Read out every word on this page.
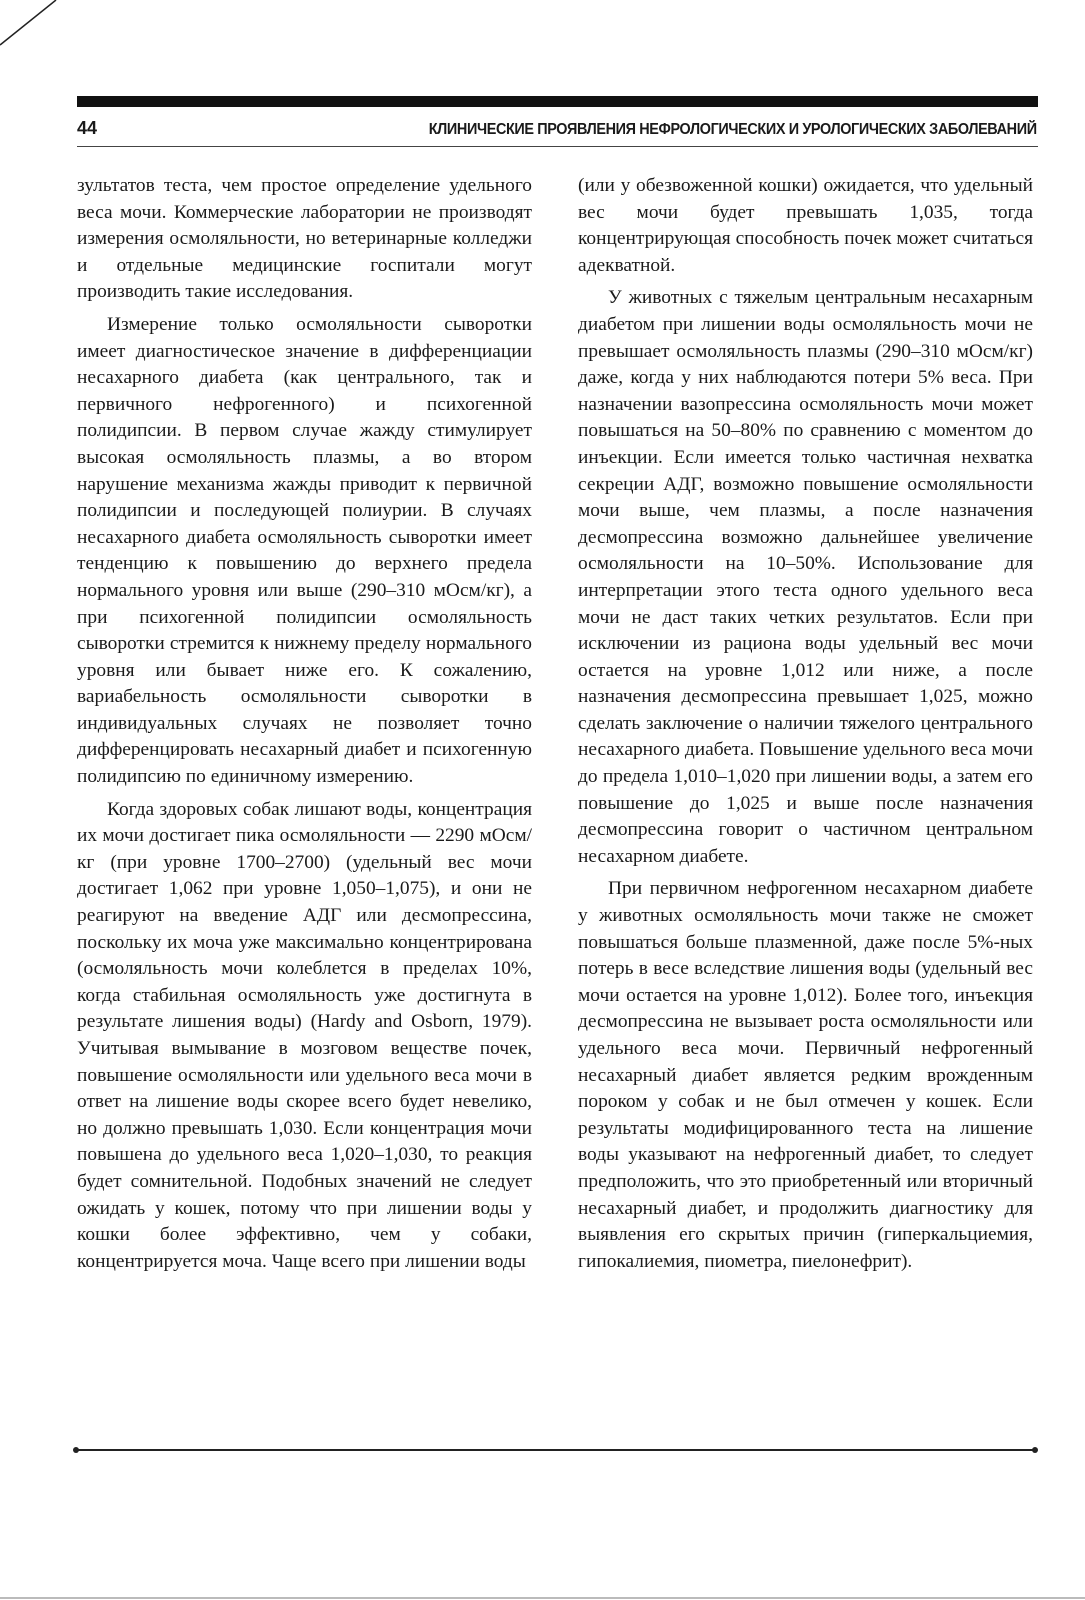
44	КЛИНИЧЕСКИЕ ПРОЯВЛЕНИЯ НЕФРОЛОГИЧЕСКИХ И УРОЛОГИЧЕСКИХ ЗАБОЛЕВАНИЙ

зультатов теста, чем простое определение удельного веса мочи. Коммерческие лаборатории не производят измерения осмоляльности, но ветеринарные колледжи и отдельные медицинские госпитали могут производить такие исследования.

Измерение только осмоляльности сыворотки имеет диагностическое значение в дифференциации несахарного диабета (как центрального, так и первичного нефрогенного) и психогенной полидипсии. В первом случае жажду стимулирует высокая осмоляльность плазмы, а во втором нарушение механизма жажды приводит к первичной полидипсии и последующей полиурии. В случаях несахарного диабета осмоляльность сыворотки имеет тенденцию к повышению до верхнего предела нормального уровня или выше (290–310 мОсм/кг), а при психогенной полидипсии осмоляльность сыворотки стремится к нижнему пределу нормального уровня или бывает ниже его. К сожалению, вариабельность осмоляльности сыворотки в индивидуальных случаях не позволяет точно дифференцировать несахарный диабет и психогенную полидипсию по единичному измерению.

Когда здоровых собак лишают воды, концентрация их мочи достигает пика осмоляльности — 2290 мОсм/кг (при уровне 1700–2700) (удельный вес мочи достигает 1,062 при уровне 1,050–1,075), и они не реагируют на введение АДГ или десмопрессина, поскольку их моча уже максимально концентрирована (осмоляльность мочи колеблется в пределах 10%, когда стабильная осмоляльность уже достигнута в результате лишения воды) (Hardy and Osborn, 1979). Учитывая вымывание в мозговом веществе почек, повышение осмоляльности или удельного веса мочи в ответ на лишение воды скорее всего будет невелико, но должно превышать 1,030. Если концентрация мочи повышена до удельного веса 1,020–1,030, то реакция будет сомнительной. Подобных значений не следует ожидать у кошек, потому что при лишении воды у кошки более эффективно, чем у собаки, концентрируется моча. Чаще всего при лишении воды

(или у обезвоженной кошки) ожидается, что удельный вес мочи будет превышать 1,035, тогда концентрирующая способность почек может считаться адекватной.

У животных с тяжелым центральным несахарным диабетом при лишении воды осмоляльность мочи не превышает осмоляльность плазмы (290–310 мОсм/кг) даже, когда у них наблюдаются потери 5% веса. При назначении вазопрессина осмоляльность мочи может повышаться на 50–80% по сравнению с моментом до инъекции. Если имеется только частичная нехватка секреции АДГ, возможно повышение осмоляльности мочи выше, чем плазмы, а после назначения десмопрессина возможно дальнейшее увеличение осмоляльности на 10–50%. Использование для интерпретации этого теста одного удельного веса мочи не даст таких четких результатов. Если при исключении из рациона воды удельный вес мочи остается на уровне 1,012 или ниже, а после назначения десмопрессина превышает 1,025, можно сделать заключение о наличии тяжелого центрального несахарного диабета. Повышение удельного веса мочи до предела 1,010–1,020 при лишении воды, а затем его повышение до 1,025 и выше после назначения десмопрессина говорит о частичном центральном несахарном диабете.

При первичном нефрогенном несахарном диабете у животных осмоляльность мочи также не сможет повышаться больше плазменной, даже после 5%-ных потерь в весе вследствие лишения воды (удельный вес мочи остается на уровне 1,012). Более того, инъекция десмопрессина не вызывает роста осмоляльности или удельного веса мочи. Первичный нефрогенный несахарный диабет является редким врожденным пороком у собак и не был отмечен у кошек. Если результаты модифицированного теста на лишение воды указывают на нефрогенный диабет, то следует предположить, что это приобретенный или вторичный несахарный диабет, и продолжить диагностику для выявления его скрытых причин (гиперкальциемия, гипокалиемия, пиометра, пиелонефрит).
